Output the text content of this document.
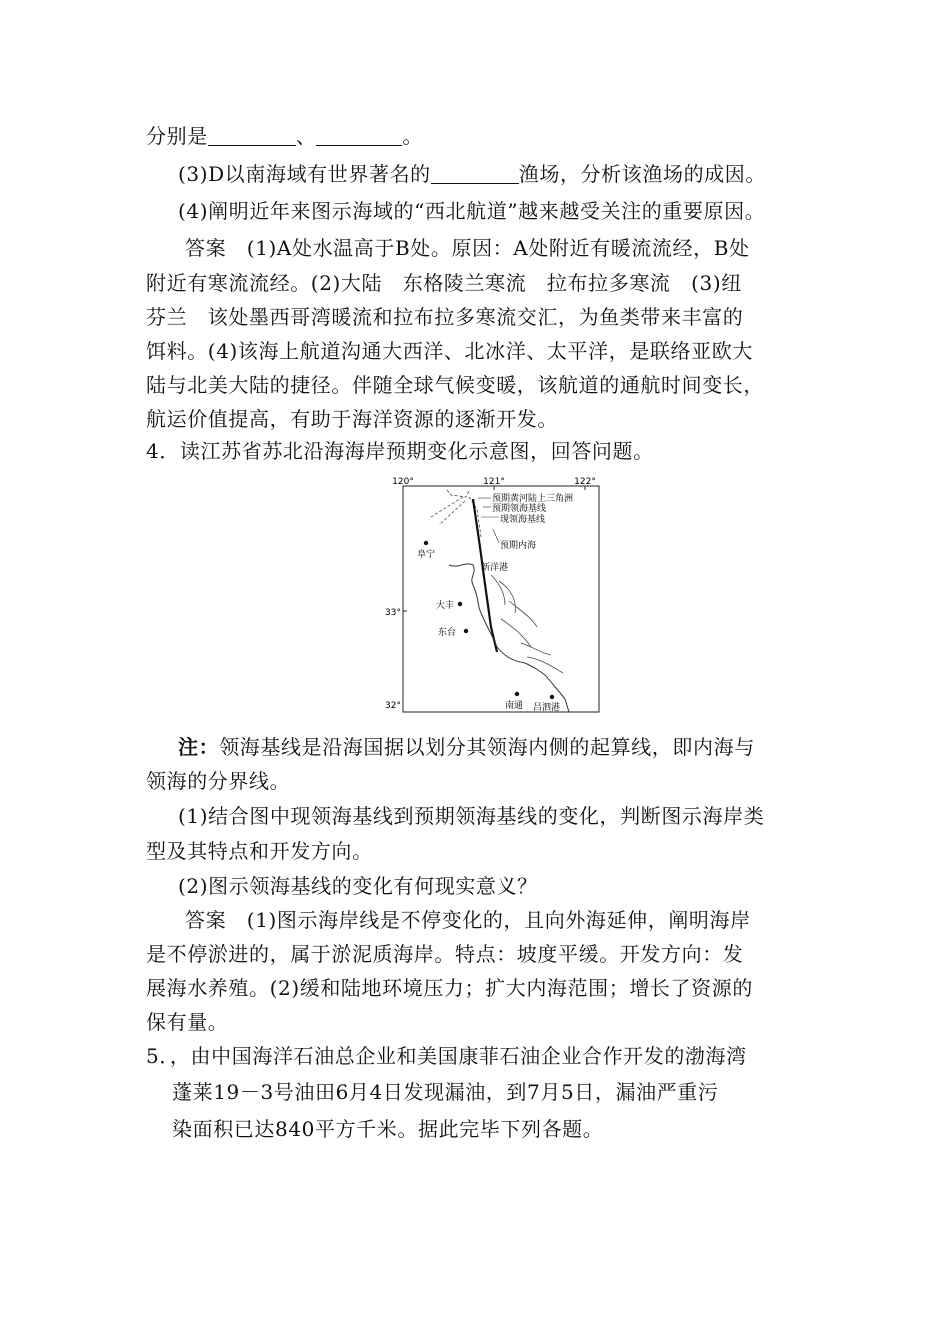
分别是	、	。
(3)D以南海域有世界著名的	渔场，分析该渔场的成因。
(4)阐明近年来图示海域的“西北航道”越来越受关注的重要原因。
答案　(1)A处水温高于B处。原因：A处附近有暖流流经，B处
附近有寒流流经。(2)大陆　东格陵兰寒流　拉布拉多寒流　(3)纽
芬兰　该处墨西哥湾暖流和拉布拉多寒流交汇，为鱼类带来丰富的
饵料。(4)该海上航道沟通大西洋、北冰洋、太平洋，是联络亚欧大
陆与北美大陆的捷径。伴随全球气候变暖，该航道的通航时间变长，
航运价值提高，有助于海洋资源的逐渐开发。
4．读江苏省苏北沿海海岸预期变化示意图，回答问题。
120°	121°	122°
33°
32°
预期黄河陆上三角洲
预期领海基线
现领海基线
预期内海
阜宁
新洋港
大丰
东台
南通 吕泗港
注：领海基线是沿海国据以划分其领海内侧的起算线，即内海与
领海的分界线。
(1)结合图中现领海基线到预期领海基线的变化，判断图示海岸类
型及其特点和开发方向。
(2)图示领海基线的变化有何现实意义？
答案　(1)图示海岸线是不停变化的，且向外海延伸，阐明海岸
是不停淤进的，属于淤泥质海岸。特点：坡度平缓。开发方向：发
展海水养殖。(2)缓和陆地环境压力；扩大内海范围；增长了资源的
保有量。
5．，由中国海洋石油总企业和美国康菲石油企业合作开发的渤海湾
蓬莱19－3号油田6月4日发现漏油，到7月5日，漏油严重污
染面积已达840平方千米。据此完毕下列各题。
